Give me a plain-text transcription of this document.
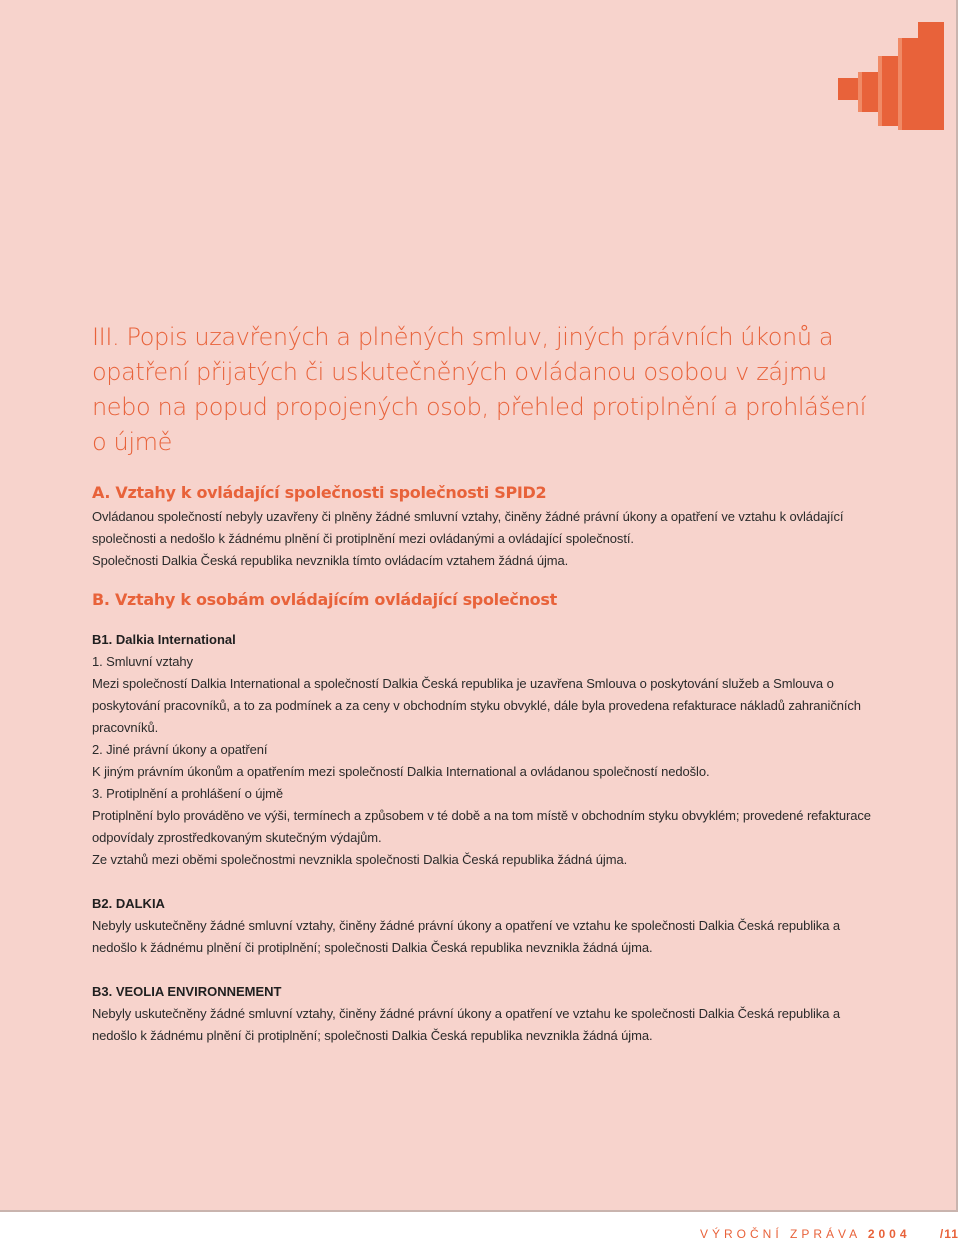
III. Popis uzavřených a plněných smluv, jiných právních úkonů a opatření přijatých či uskutečněných ovládanou osobou v zájmu nebo na popud propojených osob, přehled protiplnění a prohlášení o újmě
A. Vztahy k ovládající společnosti společnosti SPID2

Ovládanou společností nebyly uzavřeny či plněny žádné smluvní vztahy, činěny žádné právní úkony a opatření ve vztahu k ovládající společnosti a nedošlo k žádnému plnění či protiplnění mezi ovládanými a ovládající společností.

Společnosti Dalkia Česká republika nevznikla tímto ovládacím vztahem žádná újma.

B. Vztahy k osobám ovládajícím ovládající společnost

B1. Dalkia International

1. Smluvní vztahy

Mezi společností Dalkia International a společností Dalkia Česká republika je uzavřena Smlouva o poskytování služeb a Smlouva o poskytování pracovníků, a to za podmínek a za ceny v obchodním styku obvyklé, dále byla provedena refakturace nákladů zahraničních pracovníků.

2. Jiné právní úkony a opatření

K jiným právním úkonům a opatřením mezi společností Dalkia International a ovládanou společností nedošlo.

3. Protiplnění a prohlášení o újmě

Protiplnění bylo prováděno ve výši, termínech a způsobem v té době a na tom místě v obchodním styku obvyklém; provedené refakturace odpovídaly zprostředkovaným skutečným výdajům.

Ze vztahů mezi oběmi společnostmi nevznikla společnosti Dalkia Česká republika žádná újma.

B2. DALKIA

Nebyly uskutečněny žádné smluvní vztahy, činěny žádné právní úkony a opatření ve vztahu ke společnosti Dalkia Česká republika a nedošlo k žádnému plnění či protiplnění; společnosti Dalkia Česká republika nevznikla žádná újma.

B3. VEOLIA ENVIRONNEMENT

Nebyly uskutečněny žádné smluvní vztahy, činěny žádné právní úkony a opatření ve vztahu ke společnosti Dalkia Česká republika a nedošlo k žádnému plnění či protiplnění; společnosti Dalkia Česká republika nevznikla žádná újma.

VÝROČNÍ ZPRÁVA 2004 /11
